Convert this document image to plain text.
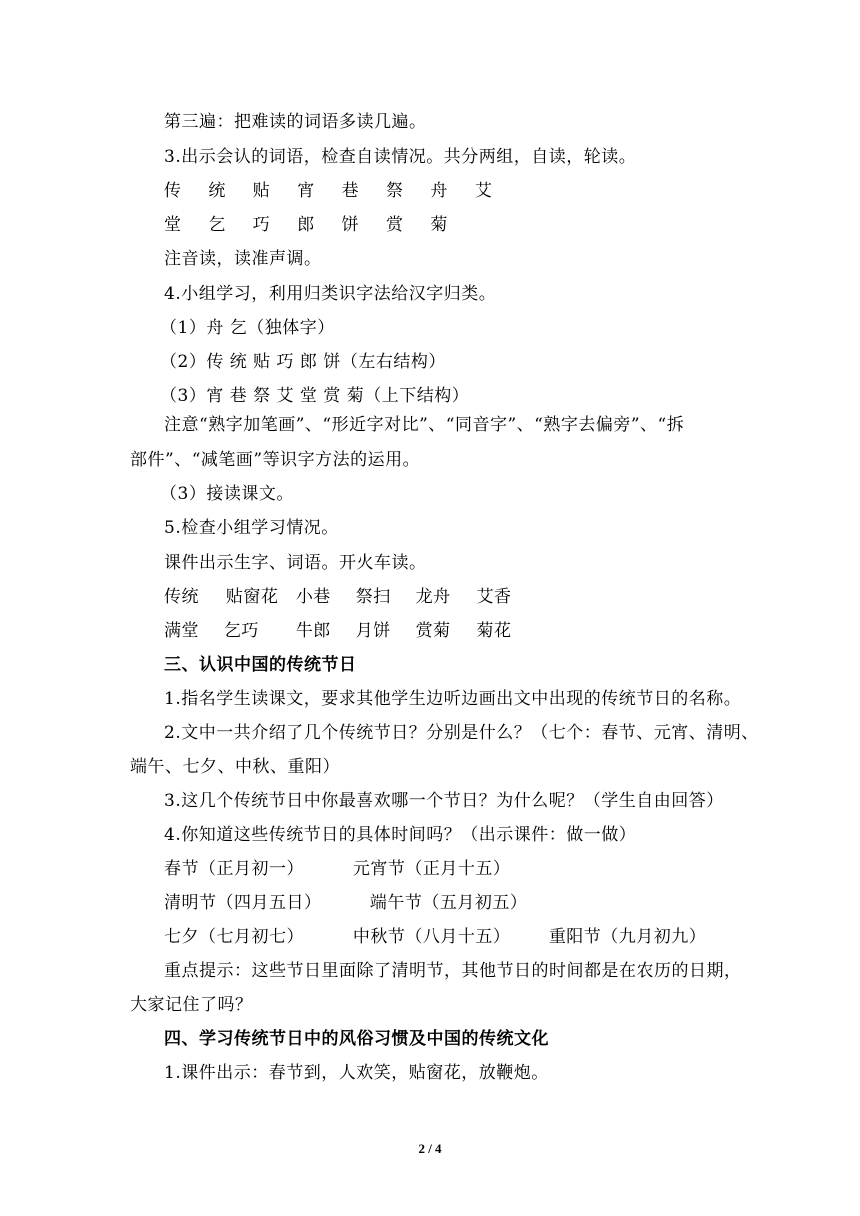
第三遍：把难读的词语多读几遍。
3.出示会认的词语，检查自读情况。共分两组，自读，轮读。
传 统 贴 宵 巷 祭 舟 艾
堂 乞 巧 郎 饼 赏 菊
注音读，读准声调。
4.小组学习，利用归类识字法给汉字归类。
（1）舟 乞（独体字）
（2）传 统 贴 巧 郎 饼（左右结构）
（3）宵 巷 祭 艾 堂 赏 菊（上下结构）
注意“熟字加笔画”、“形近字对比”、“同音字”、“熟字去偏旁”、“拆
部件”、“减笔画”等识字方法的运用。
（3）接读课文。
5.检查小组学习情况。
课件出示生字、词语。开火车读。
传统 贴窗花 小巷 祭扫 龙舟 艾香
满堂 乞巧 牛郎 月饼 赏菊 菊花
三、认识中国的传统节日
1.指名学生读课文，要求其他学生边听边画出文中出现的传统节日的名称。
2.文中一共介绍了几个传统节日？分别是什么？（七个：春节、元宵、清明、
端午、七夕、中秋、重阳）
3.这几个传统节日中你最喜欢哪一个节日？为什么呢？（学生自由回答）
4.你知道这些传统节日的具体时间吗？（出示课件：做一做）
春节（正月初一）	元宵节（正月十五）
清明节（四月五日）	端午节（五月初五）
七夕（七月初七）	中秋节（八月十五） 重阳节（九月初九）
重点提示：这些节日里面除了清明节，其他节日的时间都是在农历的日期，
大家记住了吗？
四、学习传统节日中的风俗习惯及中国的传统文化
1.课件出示：春节到，人欢笑，贴窗花，放鞭炮。
2 / 4
